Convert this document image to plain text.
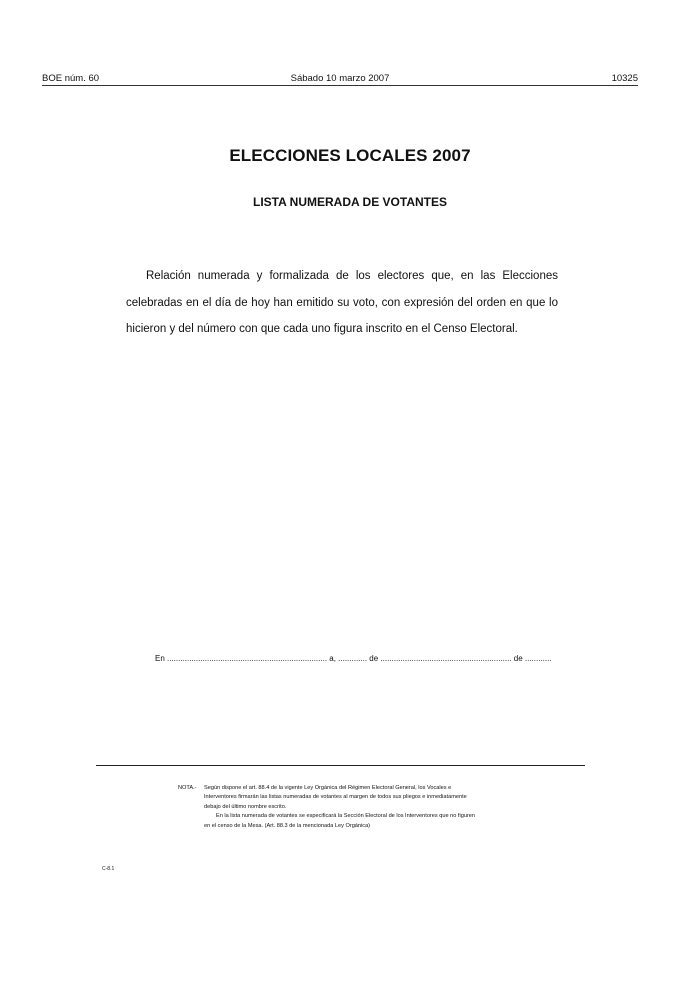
BOE núm. 60	Sábado 10 marzo 2007	10325
ELECCIONES LOCALES 2007
LISTA NUMERADA DE VOTANTES
Relación numerada y formalizada de los electores que, en las Elecciones celebradas en el día de hoy han emitido su voto, con expresión del orden en que lo hicieron y del número con que cada uno figura inscrito en el Censo Electoral.
En ........................................................................ a, ............. de ........................................................... de ............
NOTA.- Según dispone el art. 88.4 de la vigente Ley Orgánica del Régimen Electoral General, los Vocales e Interventores firmarán las listas numeradas de votantes al margen de todos sus pliegos e inmediatamente debajo del último nombre escrito.

En la lista numerada de votantes se especificará la Sección Electoral de los Interventores que no figuren en el censo de la Mesa. (Art. 88.3 de la mencionada Ley Orgánica)

C-8.1
